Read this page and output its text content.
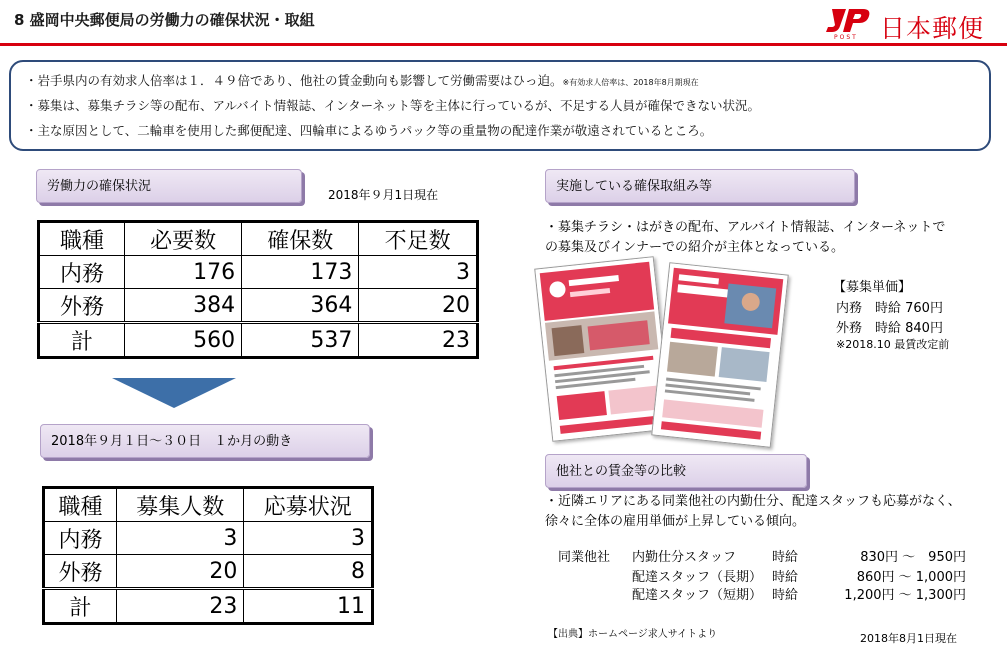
8 盛岡中央郵便局の労働力の確保状況・取組
POST 日本郵便
・岩手県内の有効求人倍率は１．４９倍であり、他社の賃金動向も影響して労働需要はひっ迫。※有効求人倍率は、2018年8月期現在
・募集は、募集チラシ等の配布、アルバイト情報誌、インターネット等を主体に行っているが、不足する人員が確保できない状況。
・主な原因として、二輪車を使用した郵便配達、四輪車によるゆうパック等の重量物の配達作業が敬遠されているところ。
労働力の確保状況
2018年９月1日現在
職種	必要数	確保数	不足数
内務	176	173	3
外務	384	364	20
計	560	537	23
2018年９月１日～３０日　１か月の動き
職種	募集人数	応募状況
内務	3	3
外務	20	8
計	23	11
実施している確保取組み等
・募集チラシ・はがきの配布、アルバイト情報誌、インターネットで
の募集及びインナーでの紹介が主体となっている。
【募集単価】
内務　時給 760円
外務　時給 840円
※2018.10 最賃改定前
他社との賃金等の比較
・近隣エリアにある同業他社の内勤仕分、配達スタッフも応募がなく、
徐々に全体の雇用単価が上昇している傾向。
同業他社 内勤仕分スタッフ	時給	830円 ～　950円
配達スタッフ（長期） 時給	860円 ～ 1,000円
配達スタッフ（短期） 時給	1,200円 ～ 1,300円
【出典】ホームページ求人サイトより	2018年8月1日現在
